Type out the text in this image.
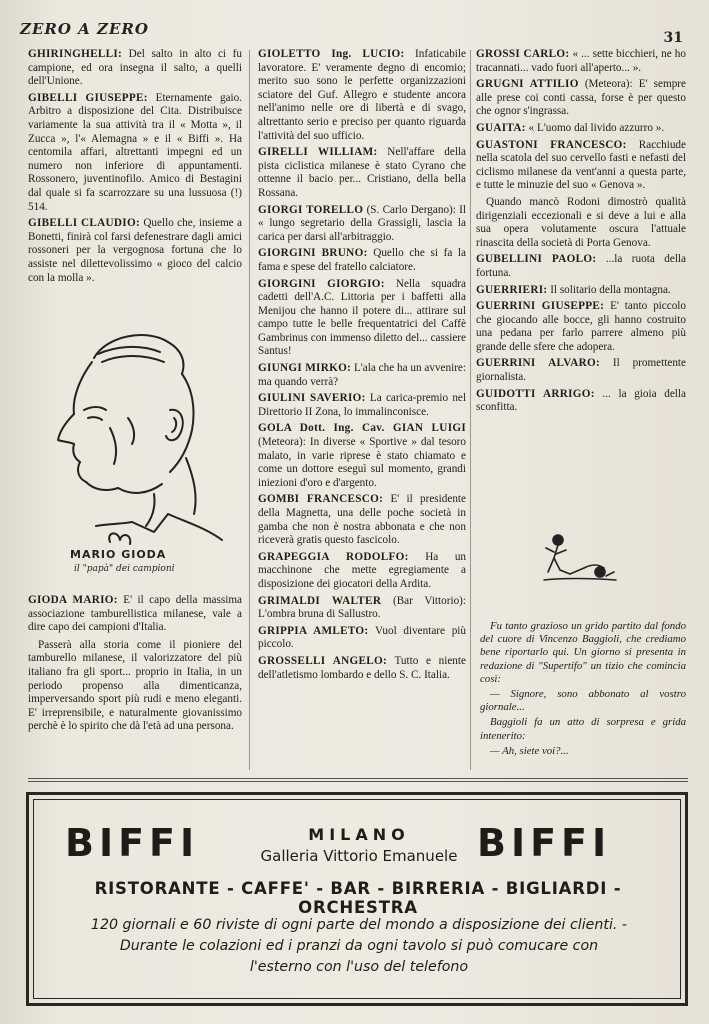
ZERO A ZERO	31

GHIRINGHELLI: Del salto in alto ci fu campione, ed ora insegna il salto, a quelli dell'Unione.

GIBELLI GIUSEPPE: Eternamente gaio. Arbitro a disposizione del Cita. Distribuisce variamente la sua attività tra il « Motta », il Zucca », l'« Alemagna » e il « Biffi ». Ha centomila affari, altrettanti impegni ed un numero non inferiore di appuntamenti. Rossonero, juventinofilo. Amico di Bestagini dal quale si fa scarrozzare su una lussuosa (!) 514.

GIBELLI CLAUDIO: Quello che, insieme a Bonetti, finirà col farsi defenestrare dagli amici rossoneri per la vergognosa fortuna che lo assiste nel dilettevolissimo « gioco del calcio con la molla ».

MARIO GIODA
il "papà" dei campioni

GIODA MARIO: E' il capo della massima associazione tamburellistica milanese, vale a dire capo dei campioni d'Italia.

Passerà alla storia come il pioniere del tamburello milanese, il valorizzatore del più italiano fra gli sport... proprio in Italia, in un periodo propenso alla dimenticanza, imperversando sport più rudi e meno eleganti. E' irreprensibile, e naturalmente giovanissimo perchè è lo spirito che dà l'età ad una persona.

GIOLETTO Ing. LUCIO: Infaticabile lavoratore. E' veramente degno di encomio; merito suo sono le perfette organizzazioni sciatore del Guf. Allegro e studente ancora nell'animo nelle ore di libertà e di svago, altrettanto serio e preciso per quanto riguarda l'attività del suo ufficio.

GIRELLI WILLIAM: Nell'affare della pista ciclistica milanese è stato Cyrano che ottenne il bacio per... Cristiano, della bella Rossana.

GIORGI TORELLO (S. Carlo Dergano): Il « lungo segretario della Grassigli, lascia la carica per darsi all'arbitraggio.

GIORGINI BRUNO: Quello che si fa la fama e spese del fratello calciatore.

GIORGINI GIORGIO: Nella squadra cadetti dell'A.C. Littoria per i baffetti alla Menijou che hanno il potere di... attirare sul campo tutte le belle frequentatrici del Caffè Gambrinus con immenso diletto del... cassiere Santus!

GIUNGI MIRKO: L'ala che ha un avvenire: ma quando verrà?

GIULINI SAVERIO: La carica-premio nel Direttorio II Zona, lo immalinconisce.

GOLA Dott. Ing. Cav. GIAN LUIGI (Meteora): In diverse « Sportive » dal tesoro malato, in varie riprese è stato chiamato e come un dottore eseguì sul momento, grandi iniezioni d'oro e d'argento.

GOMBI FRANCESCO: E' il presidente della Magnetta, una delle poche società in gamba che non è nostra abbonata e che non riceverà gratis questo fascicolo.

GRAPEGGIA RODOLFO: Ha un macchinone che mette egregiamente a disposizione dei giocatori della Ardita.

GRIMALDI WALTER (Bar Vittorio): L'ombra bruna di Sallustro.

GRIPPIA AMLETO: Vuol diventare più piccolo.

GROSSELLI ANGELO: Tutto e niente dell'atletismo lombardo e dello S. C. Italia.

GROSSI CARLO: « ... sette bicchieri, ne ho tracannati... vado fuori all'aperto... ».

GRUGNI ATTILIO (Meteora): E' sempre alle prese coi conti cassa, forse è per questo che ognor s'ingrassa.

GUAITA: « L'uomo dal livido azzurro ».

GUASTONI FRANCESCO: Racchiude nella scatola del suo cervello fasti e nefasti del ciclismo milanese da vent'anni a questa parte, e tutte le minuzie del suo « Genova ».

Quando mancò Rodoni dimostrò qualità dirigenziali eccezionali e si deve a lui e alla sua opera volutamente oscura l'attuale rinascita della società di Porta Genova.

GUBELLINI PAOLO: ...la ruota della fortuna.

GUERRIERI: Il solitario della montagna.

GUERRINI GIUSEPPE: E' tanto piccolo che giocando alle bocce, gli hanno costruito una pedana per farlo parrere almeno più grande delle sfere che adopera.

GUERRINI ALVARO: Il promettente giornalista.

GUIDOTTI ARRIGO: ... la gioia della sconfitta.

Fu tanto grazioso un grido partito dal fondo del cuore di Vincenzo Baggioli, che crediamo bene riportarlo qui. Un giorno si presenta in redazione di "Supertifo" un tizio che comincia così:

— Signore, sono abbonato al vostro giornale...

Baggioli fa un atto di sorpresa e grida intenerito:

— Ah, siete voi?...

BIFFI	MILANO
Galleria Vittorio Emanuele BIFFI
RISTORANTE - CAFFE' - BAR - BIRRERIA - BIGLIARDI - ORCHESTRA
120 giornali e 60 riviste di ogni parte del mondo a disposizione dei clienti. - Durante le colazioni ed i pranzi da ogni tavolo si può comucare con l'esterno con l'uso del telefono
